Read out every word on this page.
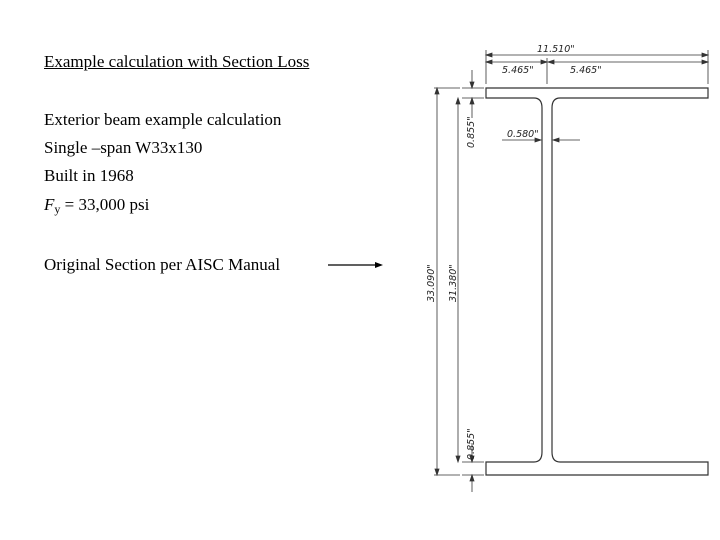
Example calculation with Section Loss
Exterior beam example calculation
Single –span W33x130
Built in 1968
$F_y = 33,000$ psi
Original Section per AISC Manual
11.510"
5.465"	5.465"
0.580"
0.855"
0.855"
33.090" 31.380"
